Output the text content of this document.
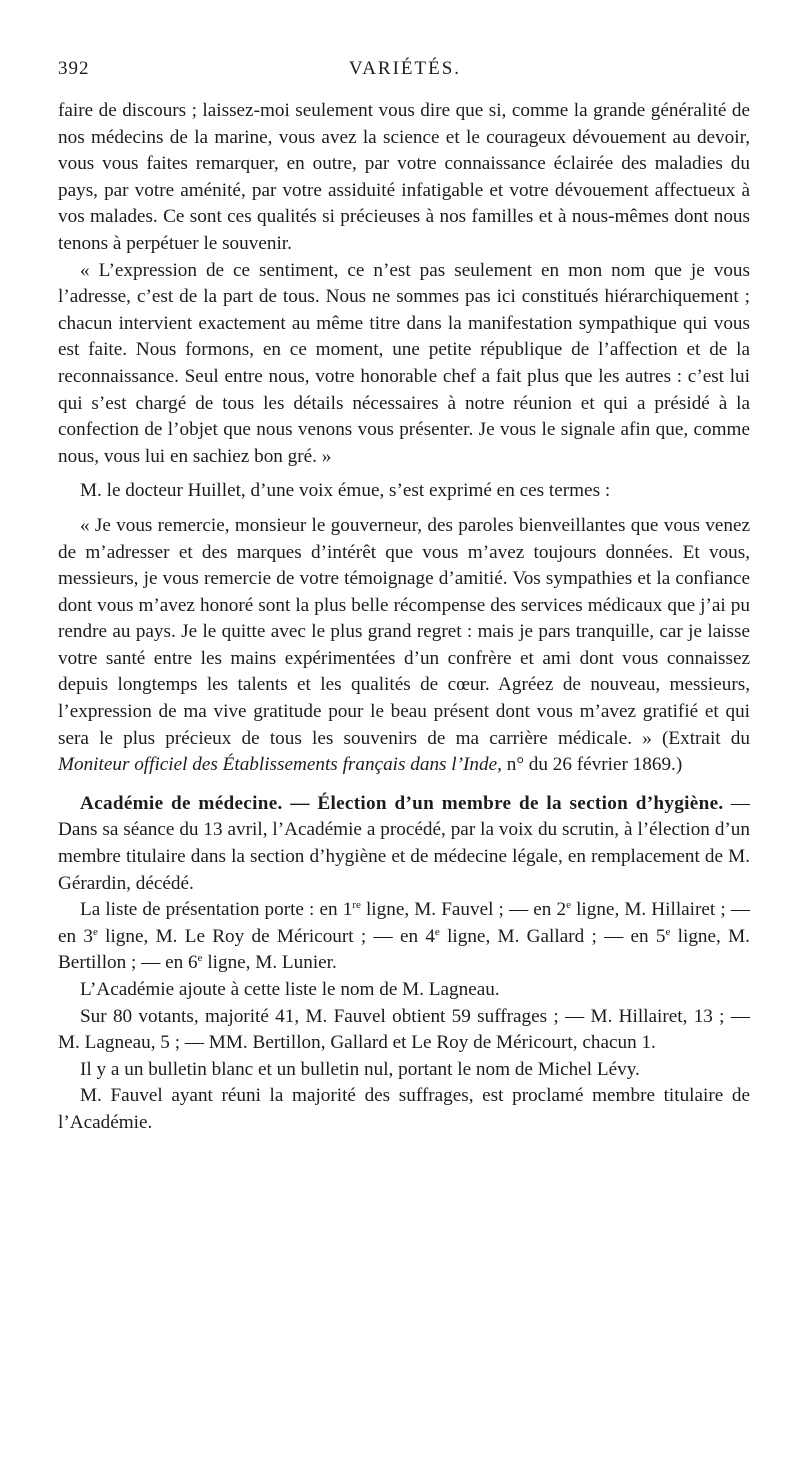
392	VARIÉTÉS.

faire de discours ; laissez-moi seulement vous dire que si, comme la grande généralité de nos médecins de la marine, vous avez la science et le courageux dévouement au devoir, vous vous faites remarquer, en outre, par votre connaissance éclairée des maladies du pays, par votre aménité, par votre assiduité infatigable et votre dévouement affectueux à vos malades. Ce sont ces qualités si précieuses à nos familles et à nous-mêmes dont nous tenons à perpétuer le souvenir.

« L’expression de ce sentiment, ce n’est pas seulement en mon nom que je vous l’adresse, c’est de la part de tous. Nous ne sommes pas ici constitués hiérarchiquement ; chacun intervient exactement au même titre dans la manifestation sympathique qui vous est faite. Nous formons, en ce moment, une petite république de l’affection et de la reconnaissance. Seul entre nous, votre honorable chef a fait plus que les autres : c’est lui qui s’est chargé de tous les détails nécessaires à notre réunion et qui a présidé à la confection de l’objet que nous venons vous présenter. Je vous le signale afin que, comme nous, vous lui en sachiez bon gré. »

M. le docteur Huillet, d’une voix émue, s’est exprimé en ces termes :

« Je vous remercie, monsieur le gouverneur, des paroles bienveillantes que vous venez de m’adresser et des marques d’intérêt que vous m’avez toujours données. Et vous, messieurs, je vous remercie de votre témoignage d’amitié. Vos sympathies et la confiance dont vous m’avez honoré sont la plus belle récompense des services médicaux que j’ai pu rendre au pays. Je le quitte avec le plus grand regret : mais je pars tranquille, car je laisse votre santé entre les mains expérimentées d’un confrère et ami dont vous connaissez depuis longtemps les talents et les qualités de cœur. Agréez de nouveau, messieurs, l’expression de ma vive gratitude pour le beau présent dont vous m’avez gratifié et qui sera le plus précieux de tous les souvenirs de ma carrière médicale. » (Extrait du Moniteur officiel des Établissements français dans l’Inde, n° du 26 février 1869.)

Académie de médecine. — Élection d’un membre de la section d’hygiène. — Dans sa séance du 13 avril, l’Académie a procédé, par la voix du scrutin, à l’élection d’un membre titulaire dans la section d’hygiène et de médecine légale, en remplacement de M. Gérardin, décédé.

La liste de présentation porte : en 1re ligne, M. Fauvel ; — en 2e ligne, M. Hillairet ; — en 3e ligne, M. Le Roy de Méricourt ; — en 4e ligne, M. Gallard ; — en 5e ligne, M. Bertillon ; — en 6e ligne, M. Lunier.

L’Académie ajoute à cette liste le nom de M. Lagneau.

Sur 80 votants, majorité 41, M. Fauvel obtient 59 suffrages ; — M. Hillairet, 13 ; — M. Lagneau, 5 ; — MM. Bertillon, Gallard et Le Roy de Méricourt, chacun 1.

Il y a un bulletin blanc et un bulletin nul, portant le nom de Michel Lévy.

M. Fauvel ayant réuni la majorité des suffrages, est proclamé membre titulaire de l’Académie.
